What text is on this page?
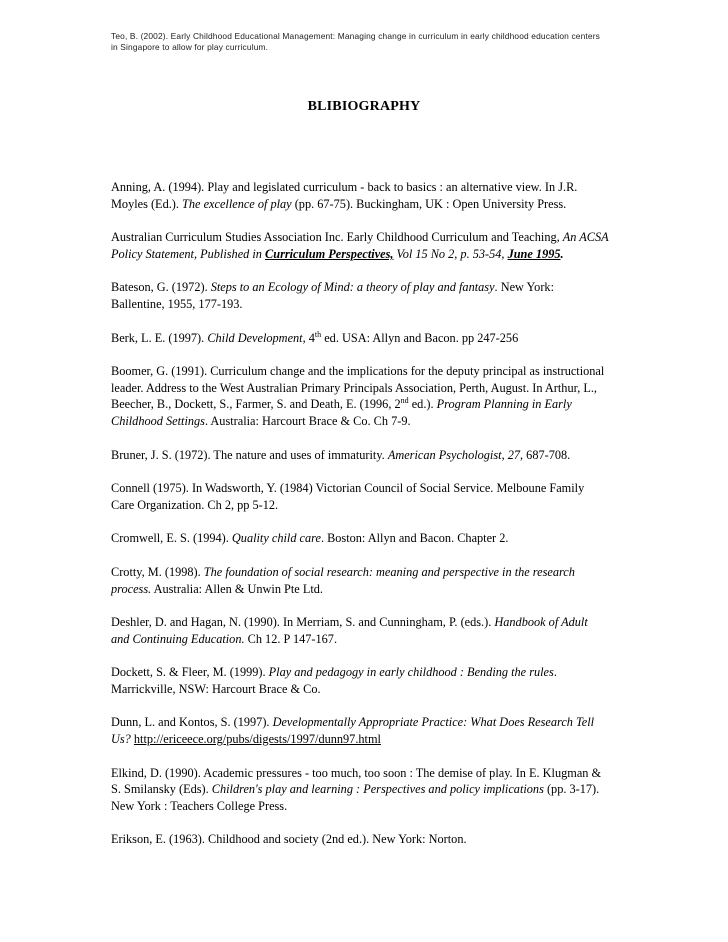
Teo, B. (2002). Early Childhood Educational Management: Managing change in curriculum in early childhood education centers
in Singapore to allow for play curriculum.
BLIBIOGRAPHY

Anning, A. (1994). Play and legislated curriculum - back to basics : an alternative view. In J.R. Moyles (Ed.). The excellence of play (pp. 67-75). Buckingham, UK : Open University Press.

Australian Curriculum Studies Association Inc. Early Childhood Curriculum and Teaching, An ACSA Policy Statement, Published in Curriculum Perspectives, Vol 15 No 2, p. 53-54, June 1995.

Bateson, G. (1972). Steps to an Ecology of Mind: a theory of play and fantasy. New York: Ballentine, 1955, 177-193.

Berk, L. E. (1997). Child Development, 4th ed. USA: Allyn and Bacon. pp 247-256

Boomer, G. (1991). Curriculum change and the implications for the deputy principal as instructional leader. Address to the West Australian Primary Principals Association, Perth, August. In Arthur, L., Beecher, B., Dockett, S., Farmer, S. and Death, E. (1996, 2nd ed.). Program Planning in Early Childhood Settings. Australia: Harcourt Brace & Co. Ch 7-9.

Bruner, J. S. (1972). The nature and uses of immaturity. American Psychologist, 27, 687-708.

Connell (1975). In Wadsworth, Y. (1984) Victorian Council of Social Service. Melboune Family Care Organization. Ch 2, pp 5-12.

Cromwell, E. S. (1994). Quality child care. Boston: Allyn and Bacon. Chapter 2.

Crotty, M. (1998). The foundation of social research: meaning and perspective in the research process. Australia: Allen & Unwin Pte Ltd.

Deshler, D. and Hagan, N. (1990). In Merriam, S. and Cunningham, P. (eds.). Handbook of Adult and Continuing Education. Ch 12. P 147-167.

Dockett, S. & Fleer, M. (1999). Play and pedagogy in early childhood : Bending the rules. Marrickville, NSW: Harcourt Brace & Co.

Dunn, L. and Kontos, S. (1997). Developmentally Appropriate Practice: What Does Research Tell Us? http://ericeece.org/pubs/digests/1997/dunn97.html

Elkind, D. (1990). Academic pressures - too much, too soon : The demise of play. In E. Klugman & S. Smilansky (Eds). Children's play and learning : Perspectives and policy implications (pp. 3-17). New York : Teachers College Press.

Erikson, E. (1963). Childhood and society (2nd ed.). New York: Norton.
